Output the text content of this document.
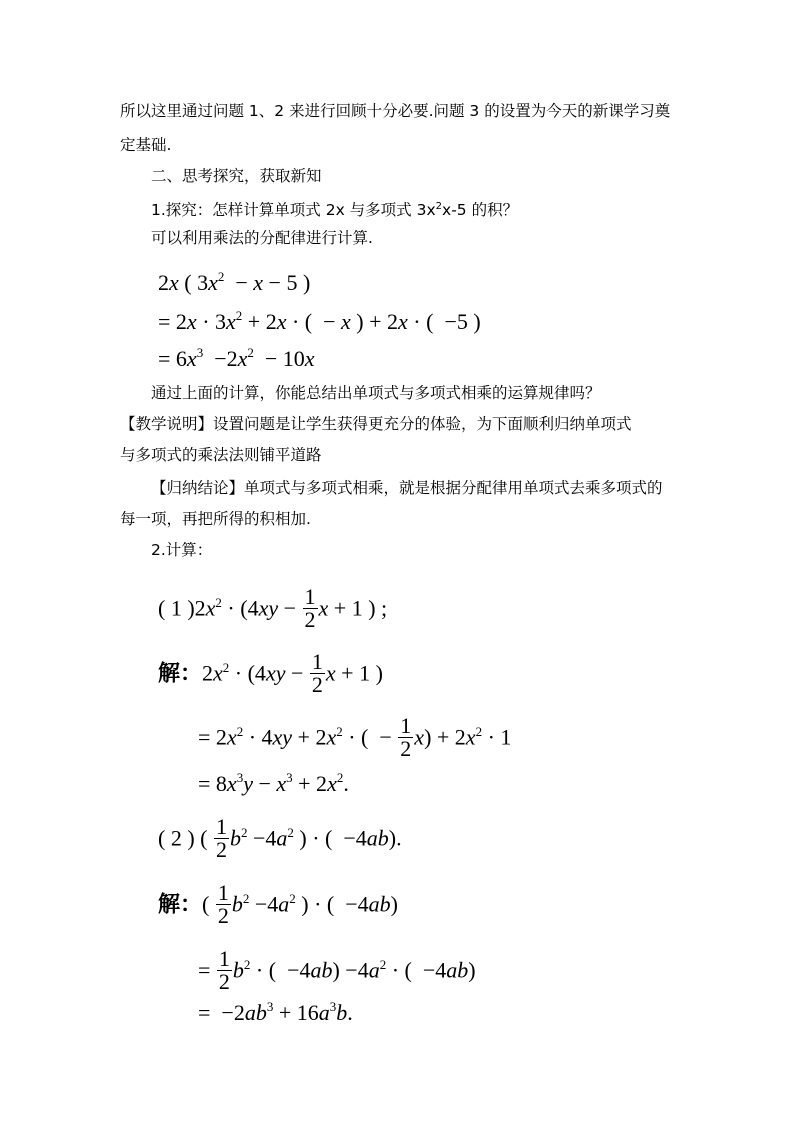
所以这里通过问题 1、2 来进行回顾十分必要.问题 3 的设置为今天的新课学习奠
定基础.
二、思考探究，获取新知
1.探究：怎样计算单项式 2x 与多项式 $3x^2x-5$ 的积？
可以利用乘法的分配律进行计算.
2x ( $3x^2 - x - 5$ )
= $2x \cdot 3x^2 + 2x$ · (  − x ) + 2x · (  −5 )
= $6x^3 -2x^2 - 10x$
通过上面的计算，你能总结出单项式与多项式相乘的运算规律吗？
【教学说明】设置问题是让学生获得更充分的体验，为下面顺利归纳单项式
与多项式的乘法法则铺平道路
【归纳结论】单项式与多项式相乘，就是根据分配律用单项式去乘多项式的
每一项，再把所得的积相加.
2.计算：
( 1 )$2x^2 \cdot (4xy - \frac{1}{2}$ x + 1 ) ;
解：$2x^2 \cdot (4xy - \frac{1}{2}$ x + 1 )
= $2x^2 \cdot 4xy + 2x^2$ · (  − $\frac{1}{2} x) + 2x^2 \cdot 1$
= $8x^3y - x^3 + 2x^2$.
( 2 ) ( $\frac{1}{2} b^2 -4a^2$ ) · (  −4ab).
解：( $\frac{1}{2} b^2 -4a^2$ ) · (  −4ab)
= $\frac{1}{2} b^2$ · (  $-4ab) -4a^2$ · (  −4ab)
=  $-2ab^3 + 16a^3b$.
